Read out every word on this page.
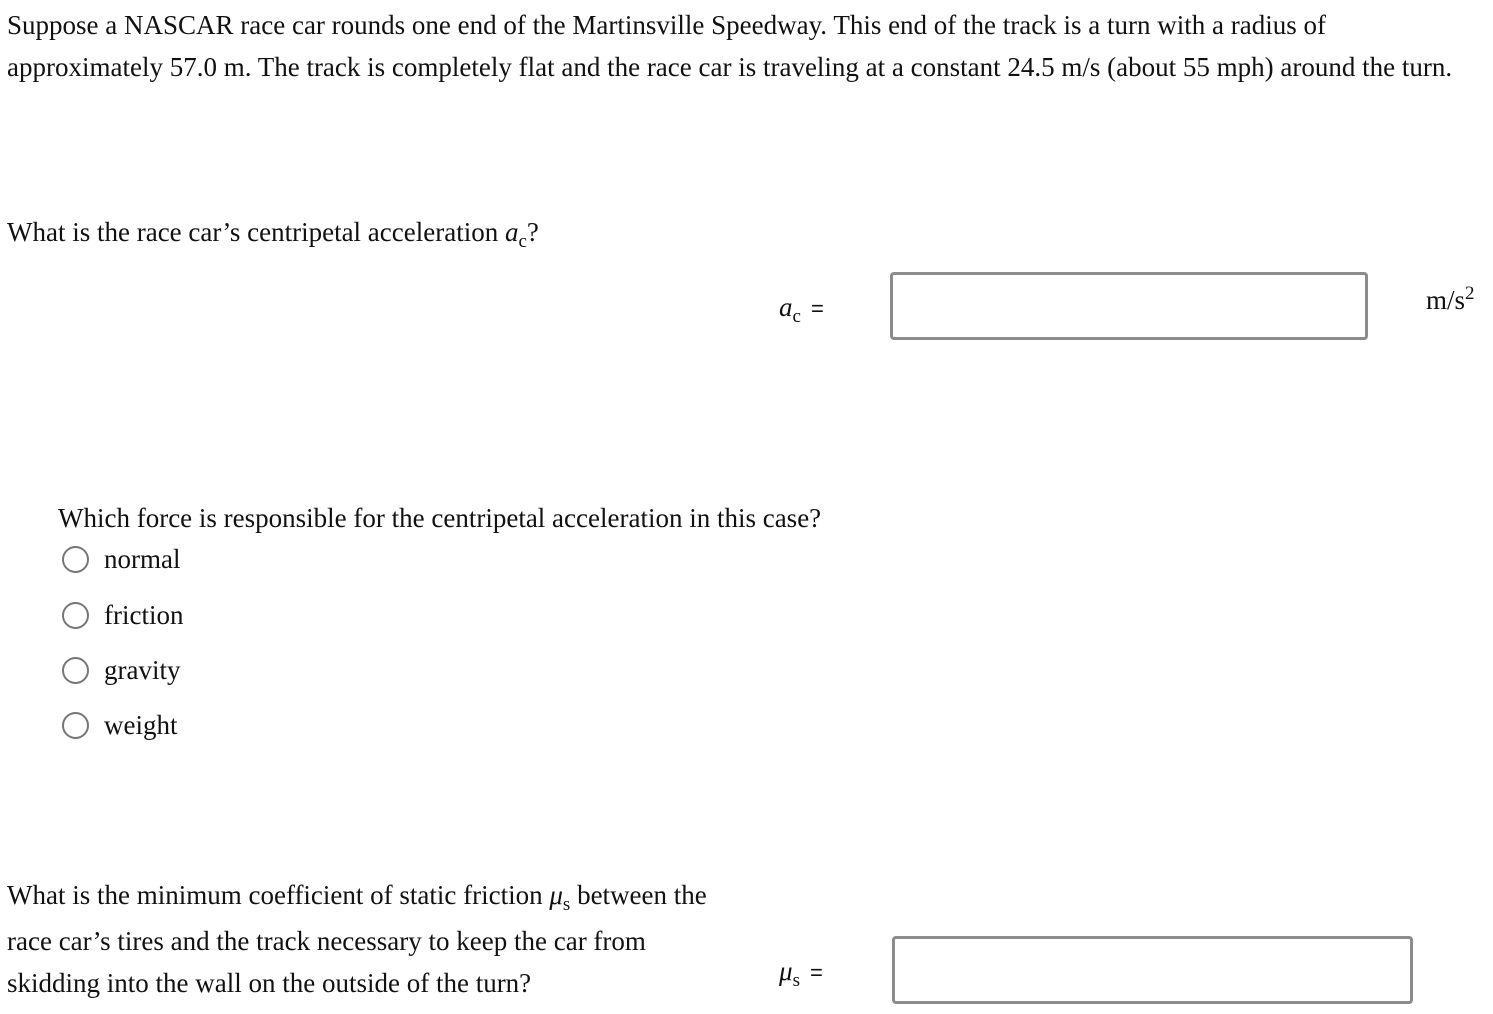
Suppose a NASCAR race car rounds one end of the Martinsville Speedway. This end of the track is a turn with a radius of approximately 57.0 m. The track is completely flat and the race car is traveling at a constant 24.5 m/s (about 55 mph) around the turn.

What is the race car’s centripetal acceleration $a_c$?

$a_c$ =	$m/s^2$

Which force is responsible for the centripetal acceleration in this case?

normal
friction
gravity
weight

What is the minimum coefficient of static friction $\mu_s$ between the race car’s tires and the track necessary to keep the car from skidding into the wall on the outside of the turn?	$\mu_s$ =
